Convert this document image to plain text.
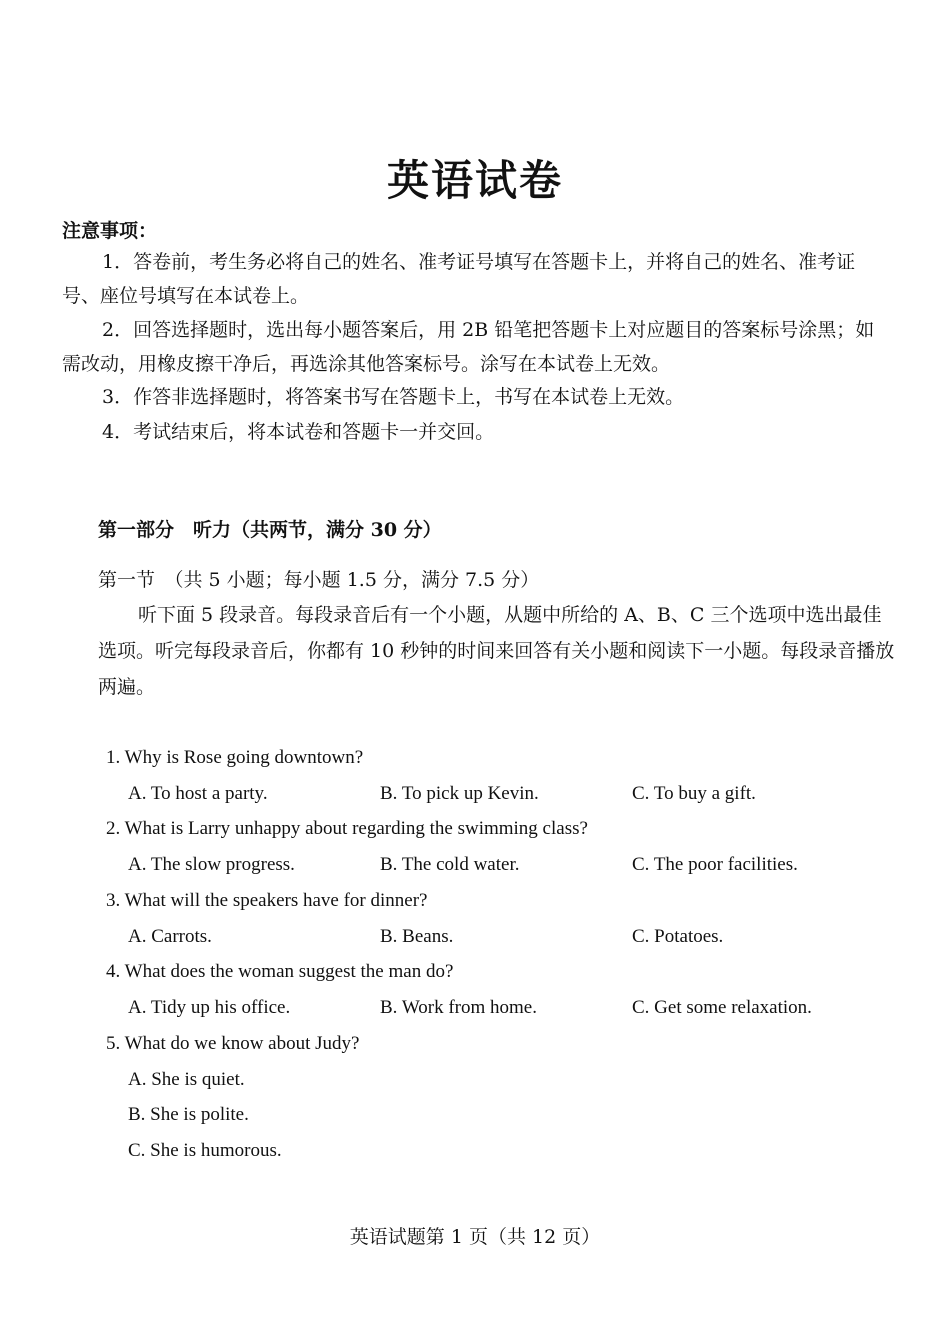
英语试卷

注意事项：

1．答卷前，考生务必将自己的姓名、准考证号填写在答题卡上，并将自己的姓名、准考证号、座位号填写在本试卷上。

2．回答选择题时，选出每小题答案后，用 2B 铅笔把答题卡上对应题目的答案标号涂黑；如需改动，用橡皮擦干净后，再选涂其他答案标号。涂写在本试卷上无效。

3．作答非选择题时，将答案书写在答题卡上，书写在本试卷上无效。

4．考试结束后，将本试卷和答题卡一并交回。

第一部分　听力（共两节，满分 30 分）

第一节　（共 5 小题；每小题 1.5 分，满分 7.5 分）

听下面 5 段录音。每段录音后有一个小题，从题中所给的 A、B、C 三个选项中选出最佳选项。听完每段录音后，你都有 10 秒钟的时间来回答有关小题和阅读下一小题。每段录音播放两遍。

1. Why is Rose going downtown?

A. To host a party.	B. To pick up Kevin.	C. To buy a gift.

2. What is Larry unhappy about regarding the swimming class?

A. The slow progress.	B. The cold water.	C. The poor facilities.

3. What will the speakers have for dinner?

A. Carrots.	B. Beans.	C. Potatoes.

4. What does the woman suggest the man do?

A. Tidy up his office.	B. Work from home.	C. Get some relaxation.

5. What do we know about Judy?

A. She is quiet.

B. She is polite.

C. She is humorous.

英语试题第 1 页（共 12 页）
